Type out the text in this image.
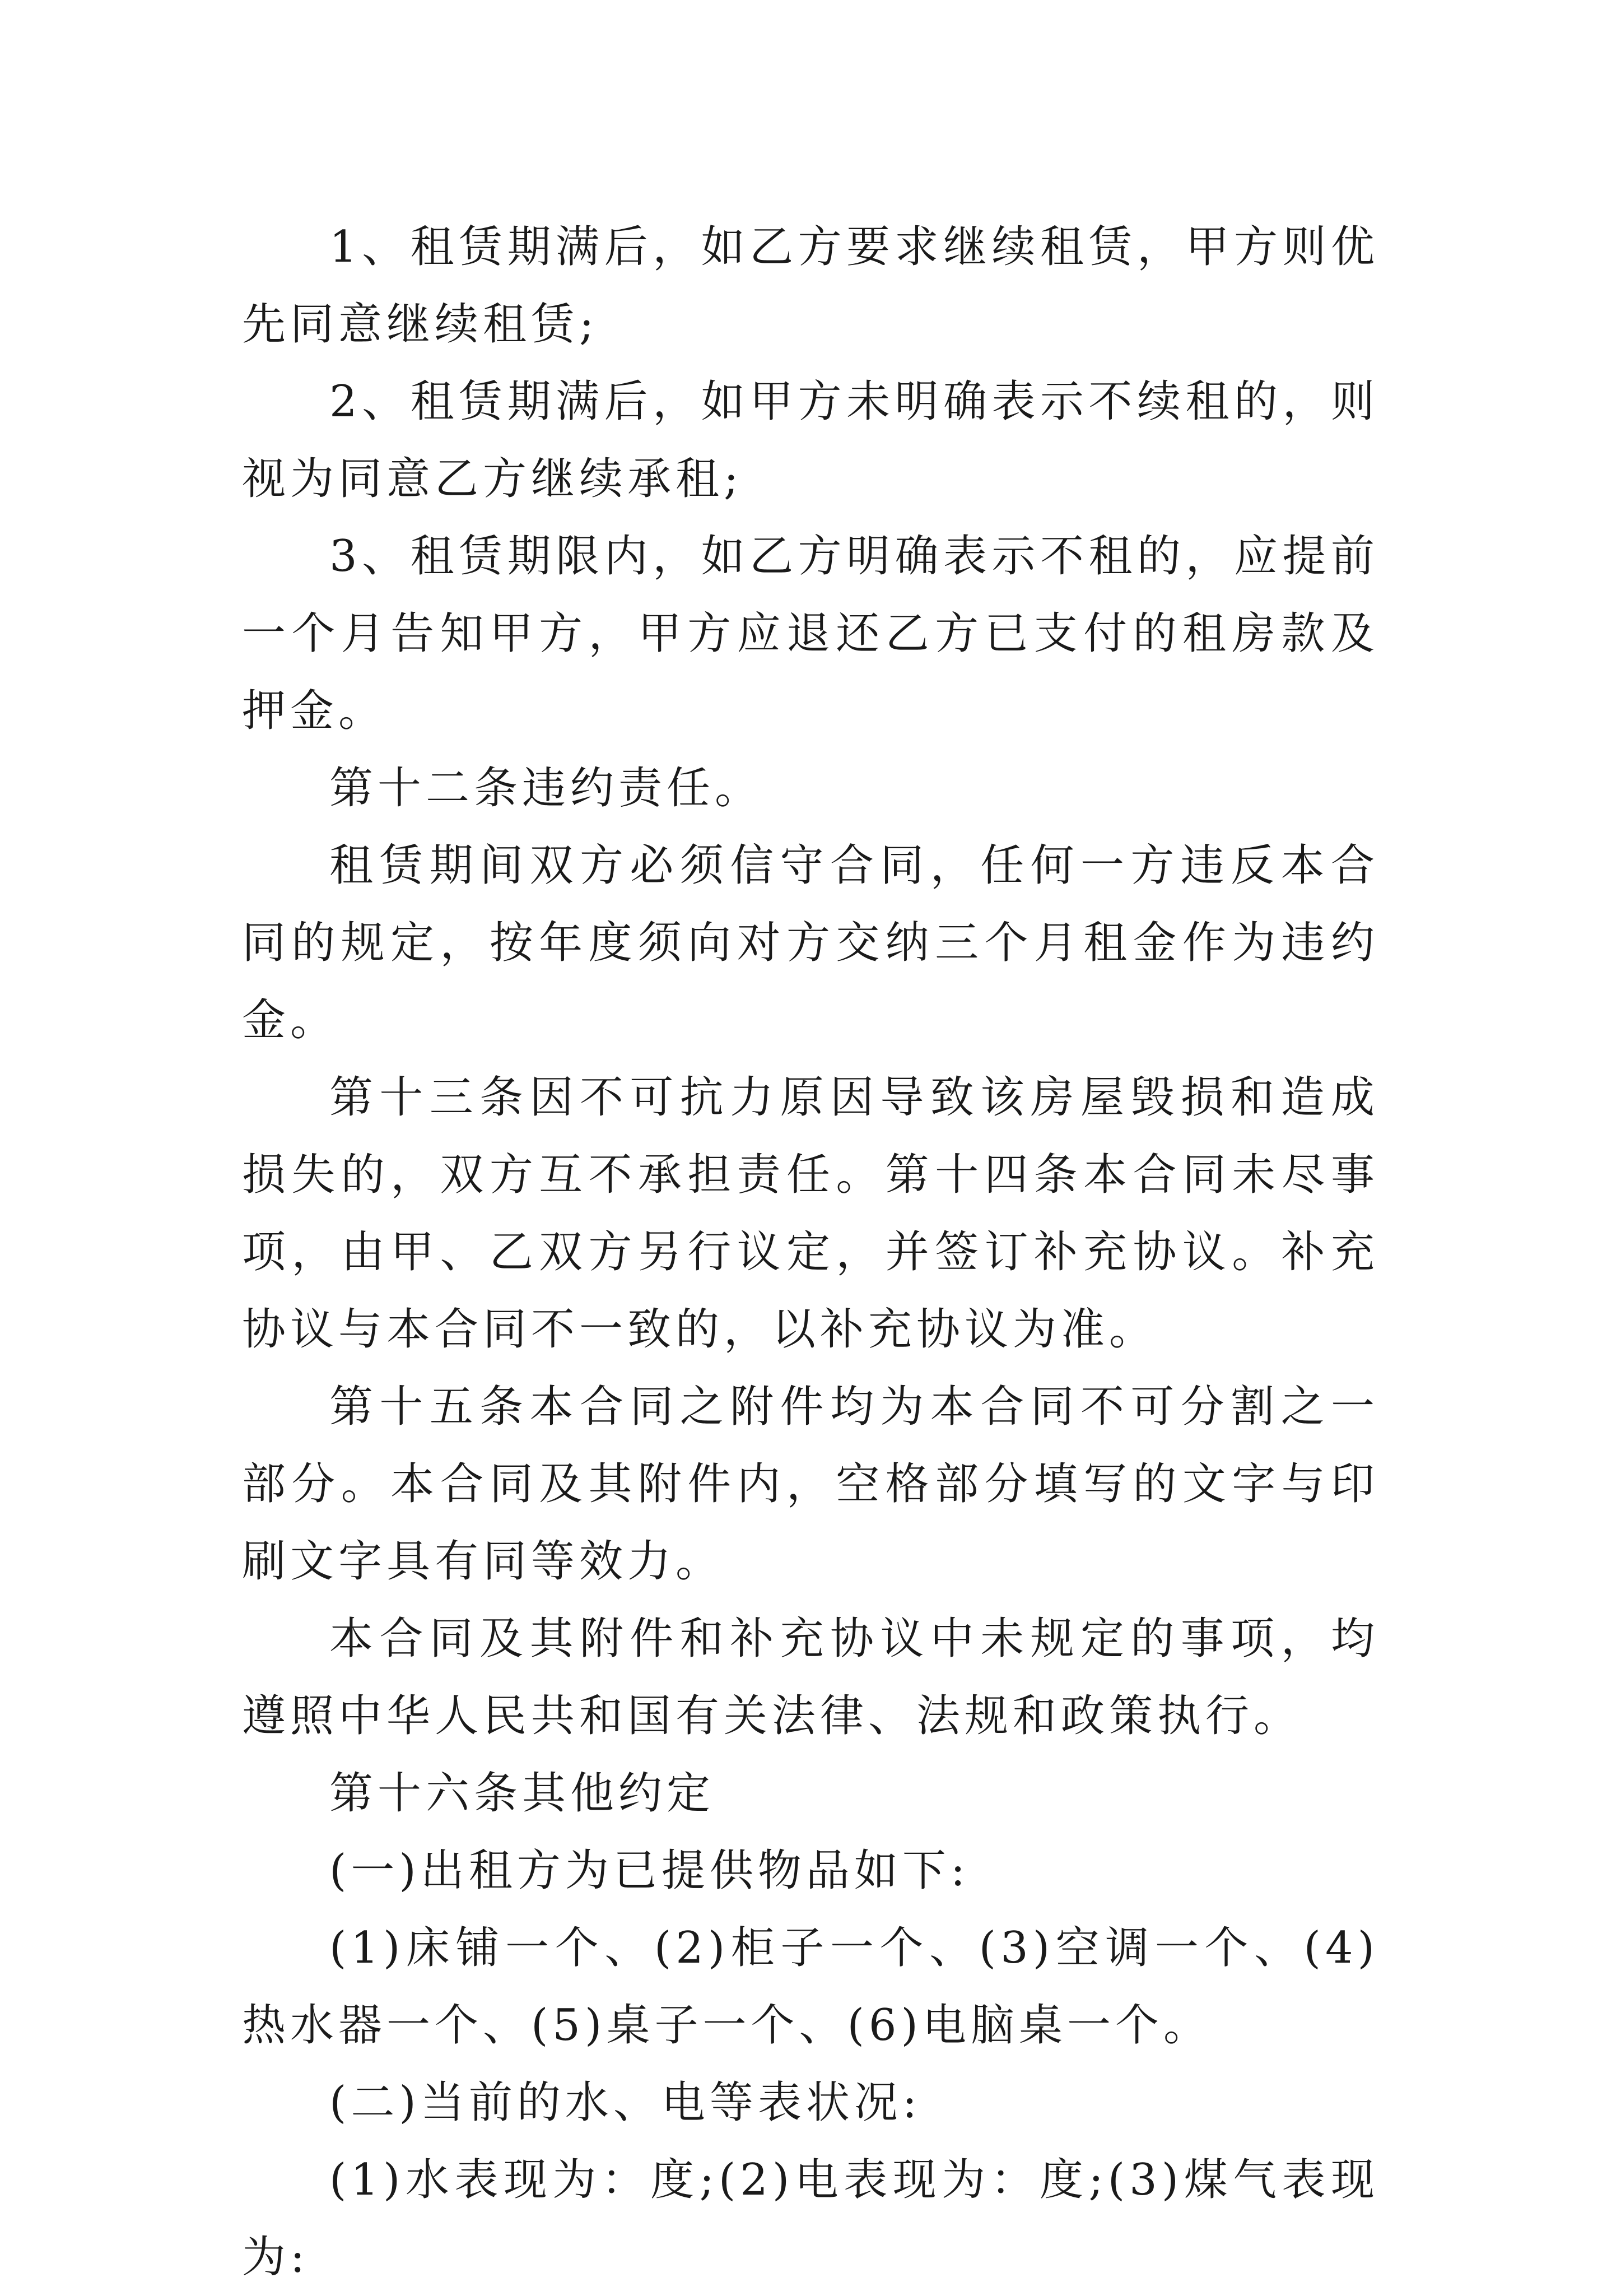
1、租赁期满后，如乙方要求继续租赁，甲方则优先同意继续租赁;

2、租赁期满后，如甲方未明确表示不续租的，则视为同意乙方继续承租;

3、租赁期限内，如乙方明确表示不租的，应提前一个月告知甲方，甲方应退还乙方已支付的租房款及押金。

第十二条违约责任。

租赁期间双方必须信守合同，任何一方违反本合同的规定，按年度须向对方交纳三个月租金作为违约金。

第十三条因不可抗力原因导致该房屋毁损和造成损失的，双方互不承担责任。第十四条本合同未尽事项，由甲、乙双方另行议定，并签订补充协议。补充协议与本合同不一致的，以补充协议为准。

第十五条本合同之附件均为本合同不可分割之一部分。本合同及其附件内，空格部分填写的文字与印刷文字具有同等效力。

本合同及其附件和补充协议中未规定的事项，均遵照中华人民共和国有关法律、法规和政策执行。

第十六条其他约定

(一)出租方为已提供物品如下:

(1)床铺一个、(2)柜子一个、(3)空调一个、(4)热水器一个、(5)桌子一个、(6)电脑桌一个。

(二)当前的水、电等表状况:

(1)水表现为：度;(2)电表现为：度;(3)煤气表现为:
